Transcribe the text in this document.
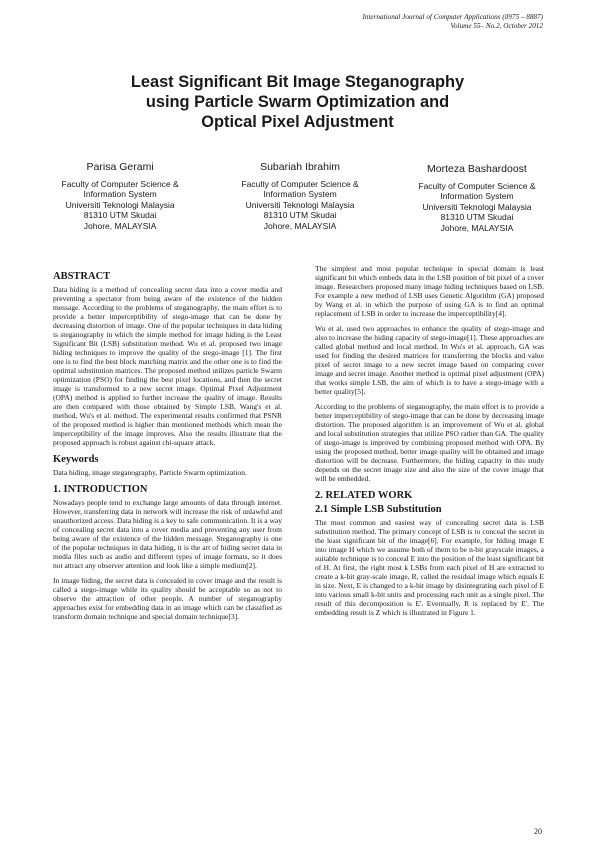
International Journal of Computer Applications (0975 – 8887)
Volume 55– No.2, October 2012
Least Significant Bit Image Steganography
using Particle Swarm Optimization and
Optical Pixel Adjustment
Parisa Gerami
Faculty of Computer Science &
Information System
Universiti Teknologi Malaysia
81310 UTM Skudai
Johore, MALAYSIA
Subariah Ibrahim
Faculty of Computer Science &
Information System
Universiti Teknologi Malaysia
81310 UTM Skudai
Johore, MALAYSIA
Morteza Bashardoost
Faculty of Computer Science &
Information System
Universiti Teknologi Malaysia
81310 UTM Skudai
Johore, MALAYSIA
ABSTRACT

Data hiding is a method of concealing secret data into a cover media and preventing a spectator from being aware of the existence of the hidden message. According to the problems of steganography, the main effort is to provide a better imperceptibility of stego-image that can be done by decreasing distortion of image. One of the popular techniques in data hiding is steganography in which the simple method for image hiding is the Least Significant Bit (LSB) substitution method. Wu et al. proposed two image hiding techniques to improve the quality of the stego-image [1]. The first one is to find the best block matching matrix and the other one is to find the optimal substitution matrices. The proposed method utilizes particle Swarm optimization (PSO) for finding the best pixel locations, and then the secret image is transformed to a new secret image. Optimal Pixel Adjustment (OPA) method is applied to further increase the quality of image. Results are then compared with those obtained by Simple LSB, Wang's et al. method, Wu's et al. method. The experimental results confirmed that PSNR of the proposed method is higher than mentioned methods which mean the imperceptibility of the image improves. Also the results illustrate that the proposed approach is robust against chi-square attack.

Keywords

Data hiding, image steganography, Particle Swarm optimization.

1. INTRODUCTION

Nowadays people tend to exchange large amounts of data through internet. However, transferring data in network will increase the risk of unlawful and unauthorized access. Data hiding is a key to safe communication. It is a way of concealing secret data into a cover media and preventing any user from being aware of the existence of the hidden message. Steganography is one of the popular techniques in data hiding, it is the art of hiding secret data in media files such as audio and different types of image formats, so it does not attract any observer attention and look like a simple medium[2].

In image hiding, the secret data is concealed in cover image and the result is called a stego-image while its quality should be acceptable so as not to observe the attraction of other people. A number of steganography approaches exist for embedding data in an image which can be classified as transform domain technique and special domain technique[3].

The simplest and most popular technique in special domain is least significant bit which embeds data in the LSB position of bit pixel of a cover image. Researchers proposed many image hiding techniques based on LSB. For example a new method of LSB uses Genetic Algorithm (GA) proposed by Wang et al. in which the purpose of using GA is to find an optimal replacement of LSB in order to increase the imperceptibility[4].

Wu et al. used two approaches to enhance the quality of stego-image and also to increase the hiding capacity of stego-image[1]. These approaches are called global method and local method. In Wu's et al. approach, GA was used for finding the desired matrices for transferring the blocks and value pixel of secret image to a new secret image based on comparing cover image and secret image. Another method is optimal pixel adjustment (OPA) that works simple LSB, the aim of which is to have a stego-image with a better quality[5].

According to the problems of steganography, the main effort is to provide a better imperceptibility of stego-image that can be done by decreasing image distortion. The proposed algorithm is an improvement of Wu et al. global and local substitution strategies that utilize PSO rather than GA. The quality of stego-image is improved by combining proposed method with OPA. By using the proposed method, better image quality will be obtained and image distortion will be decrease. Furthermore, the hiding capacity in this study depends on the secret image size and also the size of the cover image that will be embedded.

2. RELATED WORK
2.1 Simple LSB Substitution

The most common and easiest way of concealing secret data is LSB substitution method. The primary concept of LSB is to conceal the secret in the least significant bit of the image[6]. For example, for hiding image E into image H which we assume both of them to be n-bit grayscale images, a suitable technique is to conceal E into the position of the least significant bit of H. At first, the right most k LSBs from each pixel of H are extracted to create a k-bit gray-scale image, R, called the residual image which equals E in size. Next, E is changed to a k-bit image by disintegrating each pixel of E into various small k-bit units and processing each unit as a single pixel. The result of this decomposition is E'. Eventually, R is replaced by E'. The embedding result is Z which is illustrated in Figure 1.

20
